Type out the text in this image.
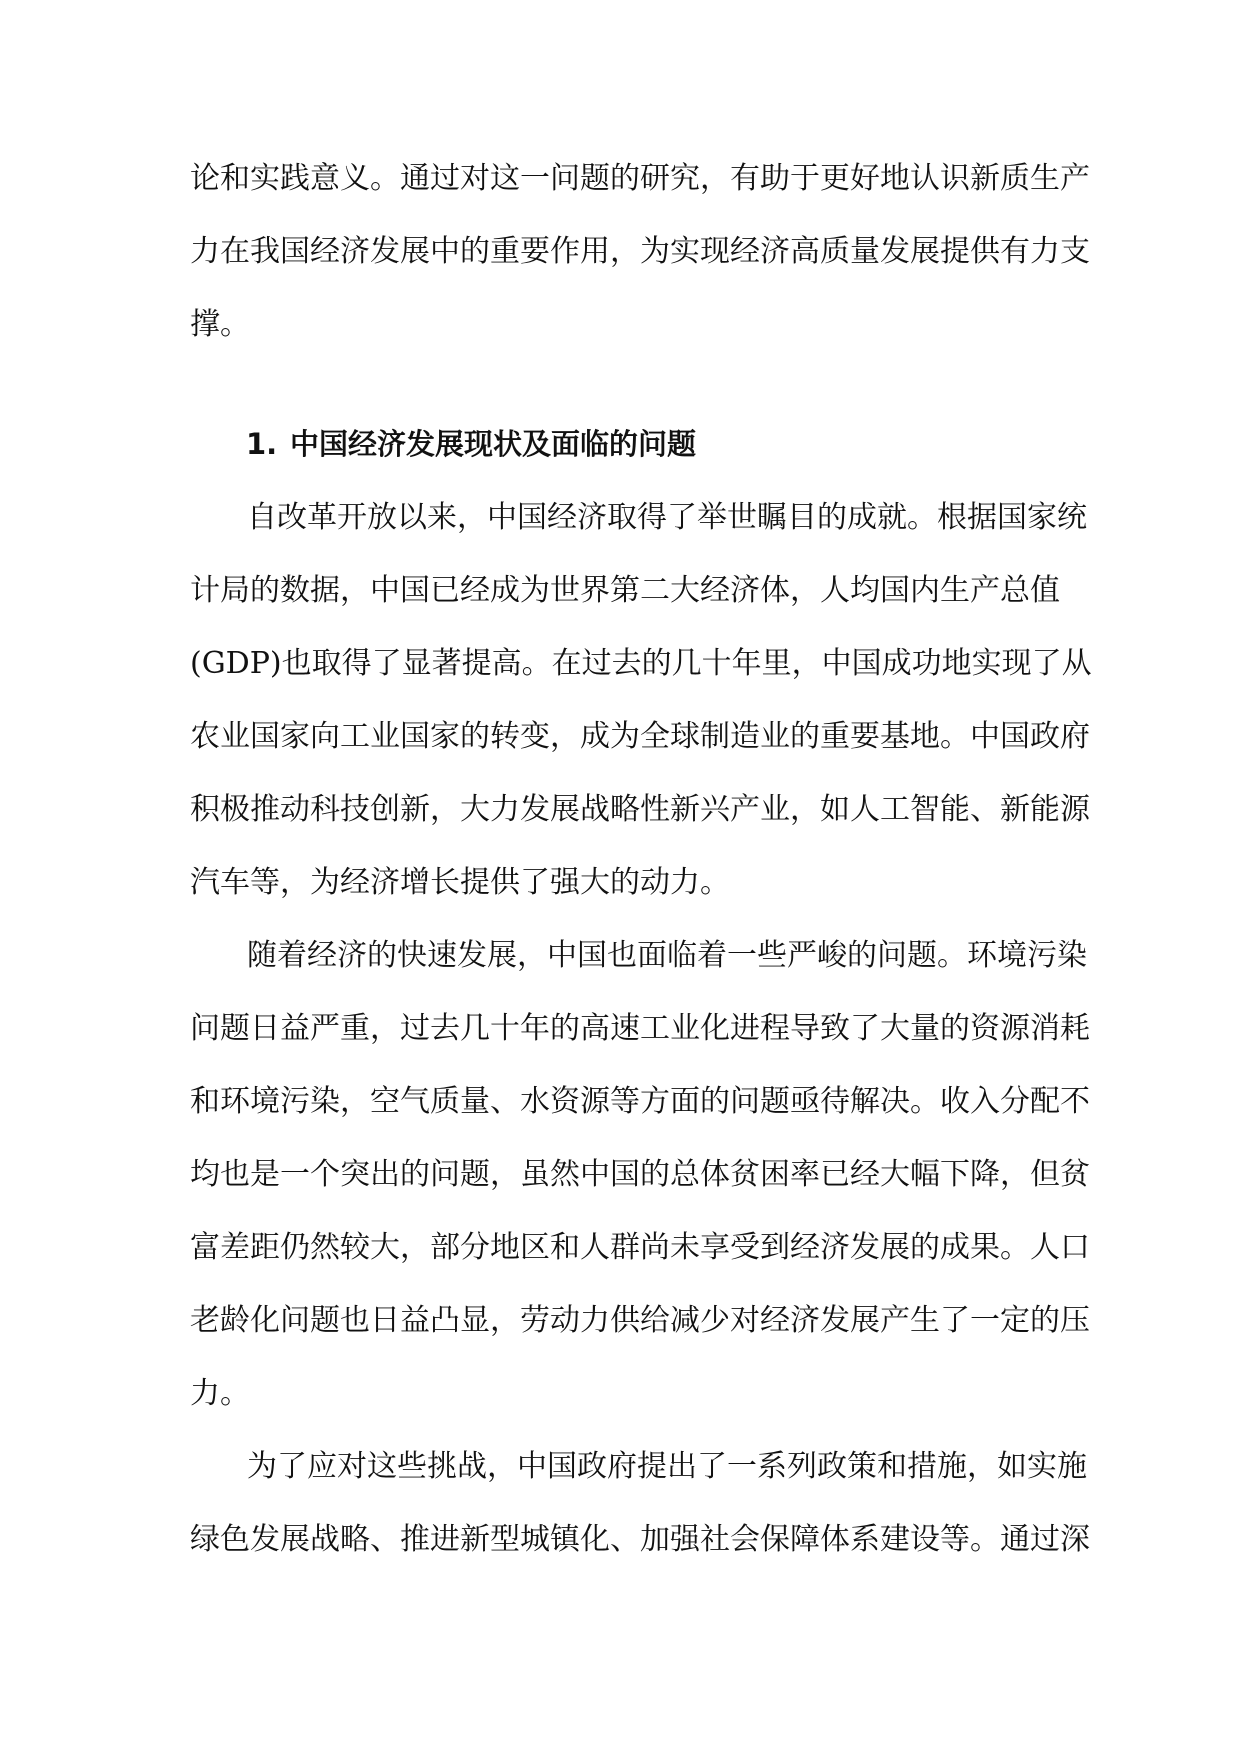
论和实践意义。通过对这一问题的研究，有助于更好地认识新质生产
力在我国经济发展中的重要作用，为实现经济高质量发展提供有力支
撑。
1. 中国经济发展现状及面临的问题
自改革开放以来，中国经济取得了举世瞩目的成就。根据国家统
计局的数据，中国已经成为世界第二大经济体，人均国内生产总值
(GDP)也取得了显著提高。在过去的几十年里，中国成功地实现了从
农业国家向工业国家的转变，成为全球制造业的重要基地。中国政府
积极推动科技创新，大力发展战略性新兴产业，如人工智能、新能源
汽车等，为经济增长提供了强大的动力。
随着经济的快速发展，中国也面临着一些严峻的问题。环境污染
问题日益严重，过去几十年的高速工业化进程导致了大量的资源消耗
和环境污染，空气质量、水资源等方面的问题亟待解决。收入分配不
均也是一个突出的问题，虽然中国的总体贫困率已经大幅下降，但贫
富差距仍然较大，部分地区和人群尚未享受到经济发展的成果。人口
老龄化问题也日益凸显，劳动力供给减少对经济发展产生了一定的压
力。
为了应对这些挑战，中国政府提出了一系列政策和措施，如实施
绿色发展战略、推进新型城镇化、加强社会保障体系建设等。通过深
